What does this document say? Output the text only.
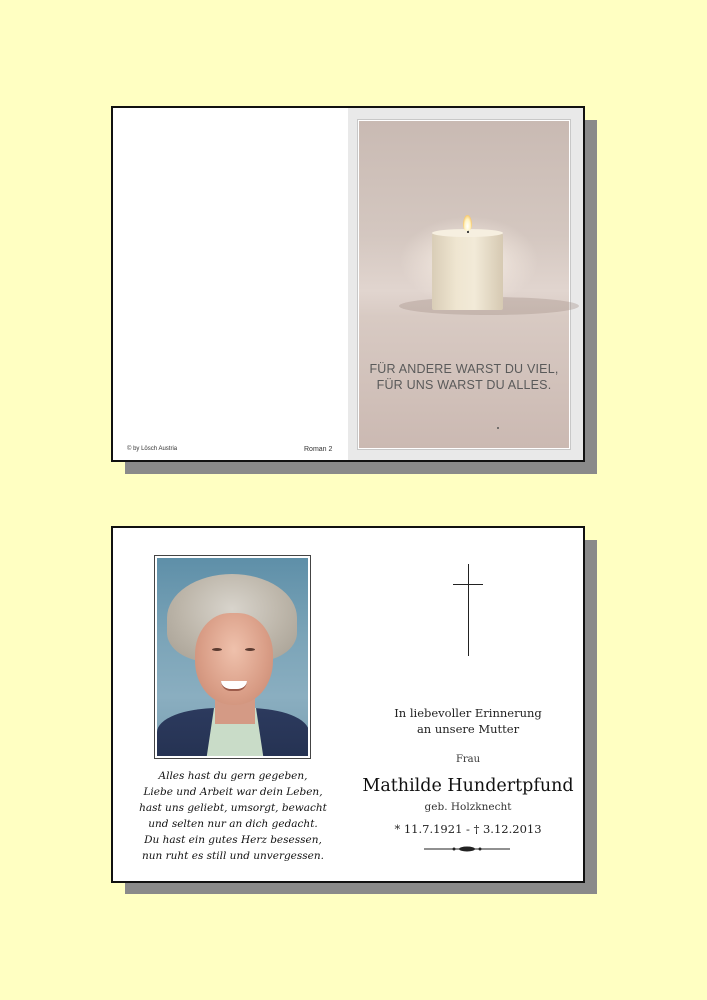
© by Lösch Austria	Roman 2
FÜR ANDERE WARST DU VIEL,
FÜR UNS WARST DU ALLES.
Alles hast du gern gegeben,
Liebe und Arbeit war dein Leben,
hast uns geliebt, umsorgt, bewacht
und selten nur an dich gedacht.
Du hast ein gutes Herz besessen,
nun ruht es still und unvergessen.
In liebevoller Erinnerung
an unsere Mutter
Frau
Mathilde Hundertpfund
geb. Holzknecht
* 11.7.1921 - † 3.12.2013
